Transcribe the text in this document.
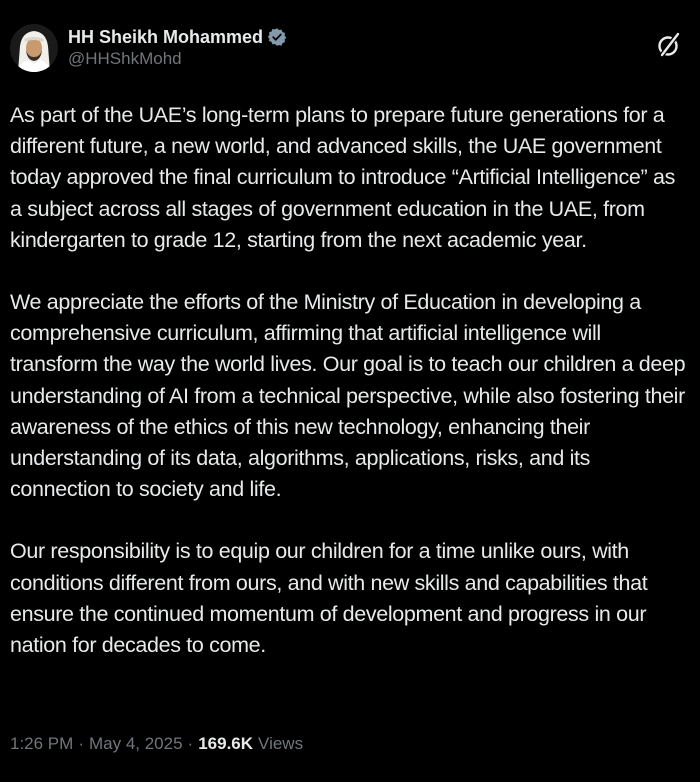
HH Sheikh Mohammed
@HHShkMohd

As part of the UAE’s long-term plans to prepare future generations for a different future, a new world, and advanced skills, the UAE government today approved the final curriculum to introduce “Artificial Intelligence” as a subject across all stages of government education in the UAE, from kindergarten to grade 12, starting from the next academic year.

We appreciate the efforts of the Ministry of Education in developing a comprehensive curriculum, affirming that artificial intelligence will transform the way the world lives. Our goal is to teach our children a deep understanding of AI from a technical perspective, while also fostering their awareness of the ethics of this new technology, enhancing their understanding of its data, algorithms, applications, risks, and its connection to society and life.

Our responsibility is to equip our children for a time unlike ours, with conditions different from ours, and with new skills and capabilities that ensure the continued momentum of development and progress in our nation for decades to come.

1:26 PM · May 4, 2025 · 169.6K Views
